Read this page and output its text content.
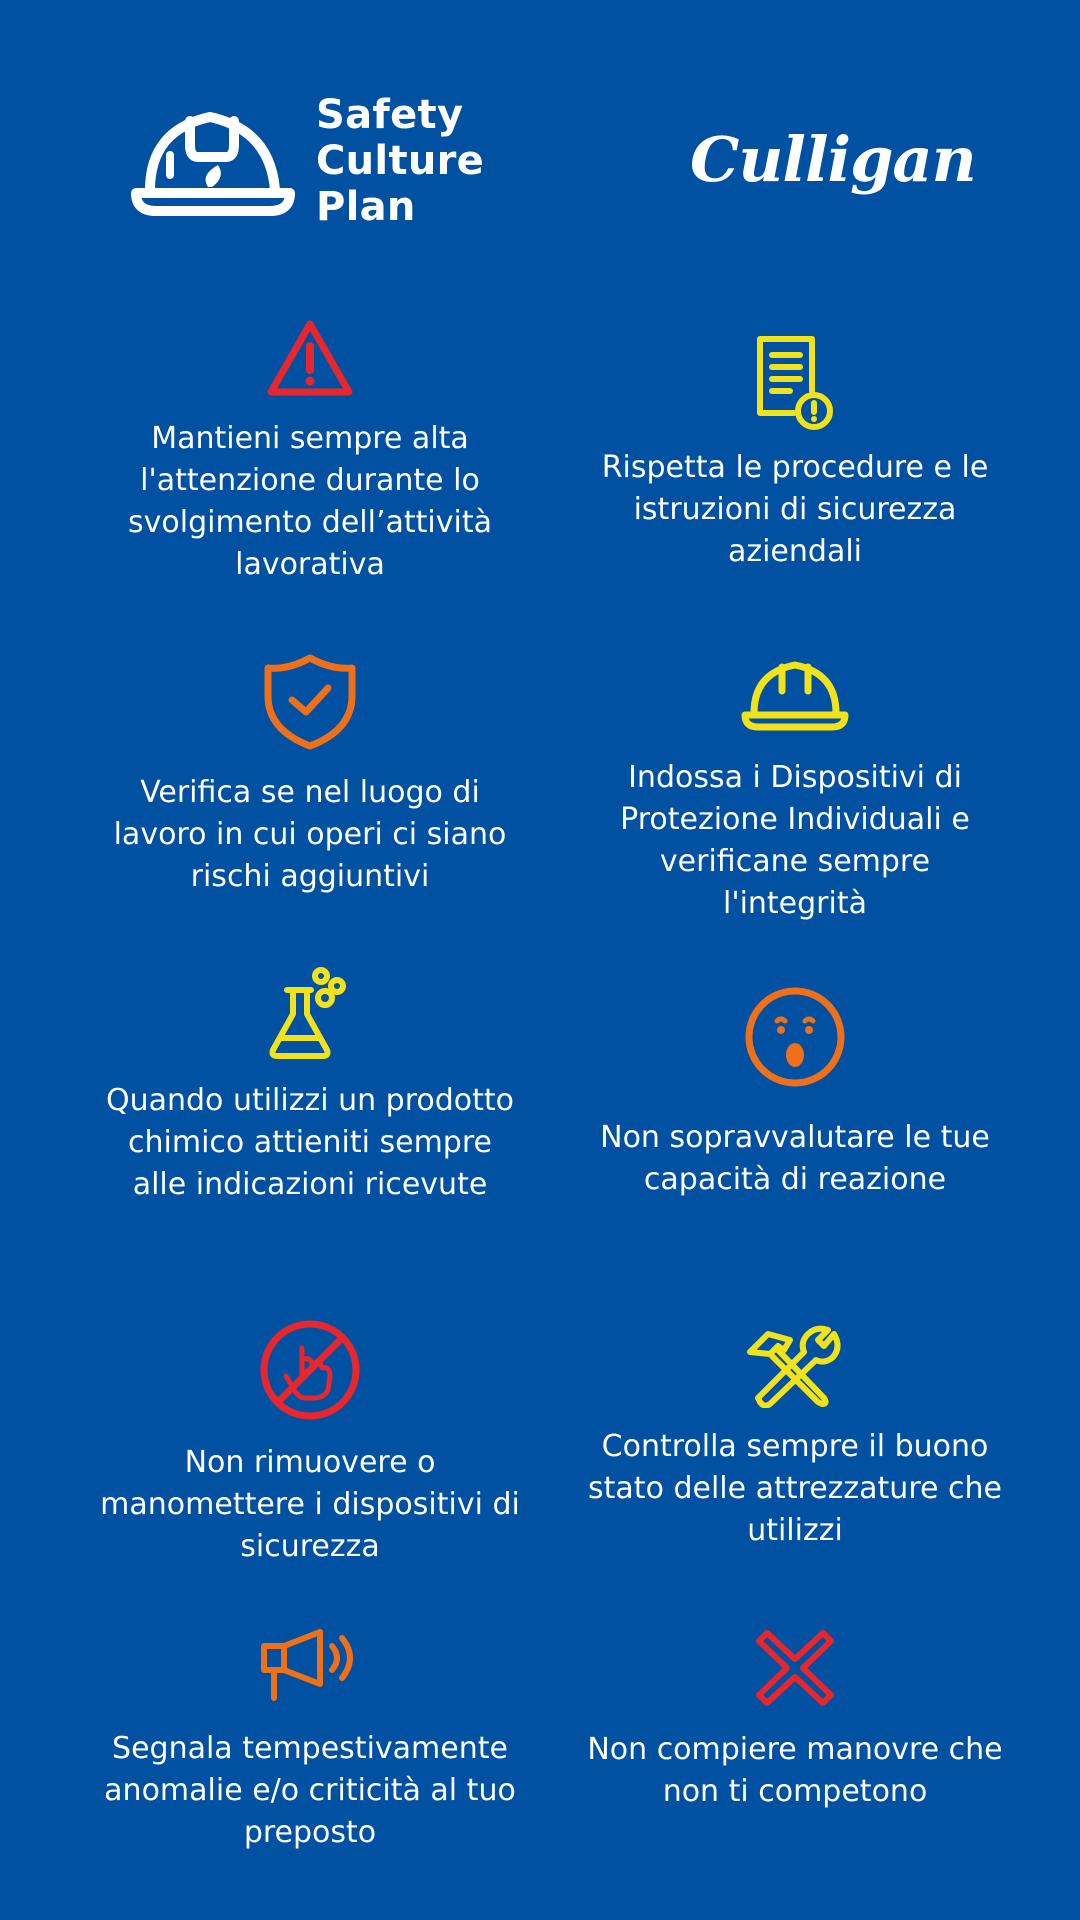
Safety
Culture
Plan
Culligan
Mantieni sempre alta l'attenzione durante lo svolgimento dell’attività lavorativa
Rispetta le procedure e le istruzioni di sicurezza aziendali
Verifica se nel luogo di lavoro in cui operi ci siano rischi aggiuntivi
Indossa i Dispositivi di Protezione Individuali e verificane sempre l'integrità
Quando utilizzi un prodotto chimico attieniti sempre alle indicazioni ricevute
Non sopravvalutare le tue capacità di reazione
Non rimuovere o manomettere i dispositivi di sicurezza
Controlla sempre il buono stato delle attrezzature che utilizzi
Segnala tempestivamente anomalie e/o criticità al tuo preposto
Non compiere manovre che non ti competono
